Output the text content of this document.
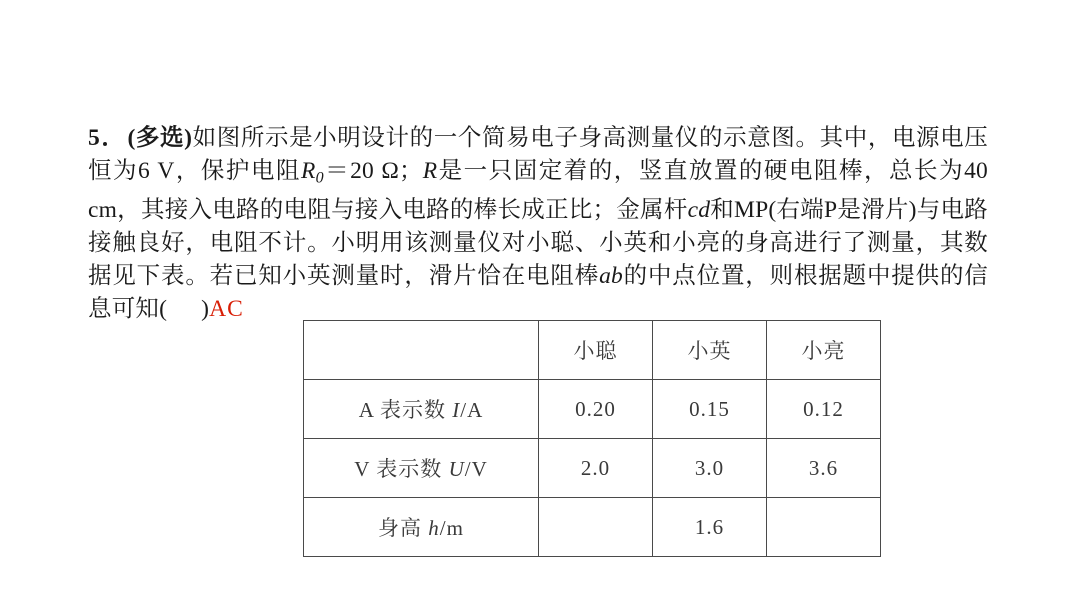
5．(多选)如图所示是小明设计的一个简易电子身高测量仪的示意图。其中，电源电压恒为6 V，保护电阻$R_0=20$ Ω；R是一只固定着的，竖直放置的硬电阻棒，总长为40 cm，其接入电路的电阻与接入电路的棒长成正比；金属杆cd和MP(右端P是滑片)与电路接触良好，电阻不计。小明用该测量仪对小聪、小英和小亮的身高进行了测量，其数据见下表。若已知小英测量时，滑片恰在电阻棒ab的中点位置，则根据题中提供的信息可知( )AC

	小聪	小英	小亮
A 表示数 I/A	0.20	0.15	0.12
V 表示数 U/V	2.0	3.0	3.6
身高 h/m		1.6	
